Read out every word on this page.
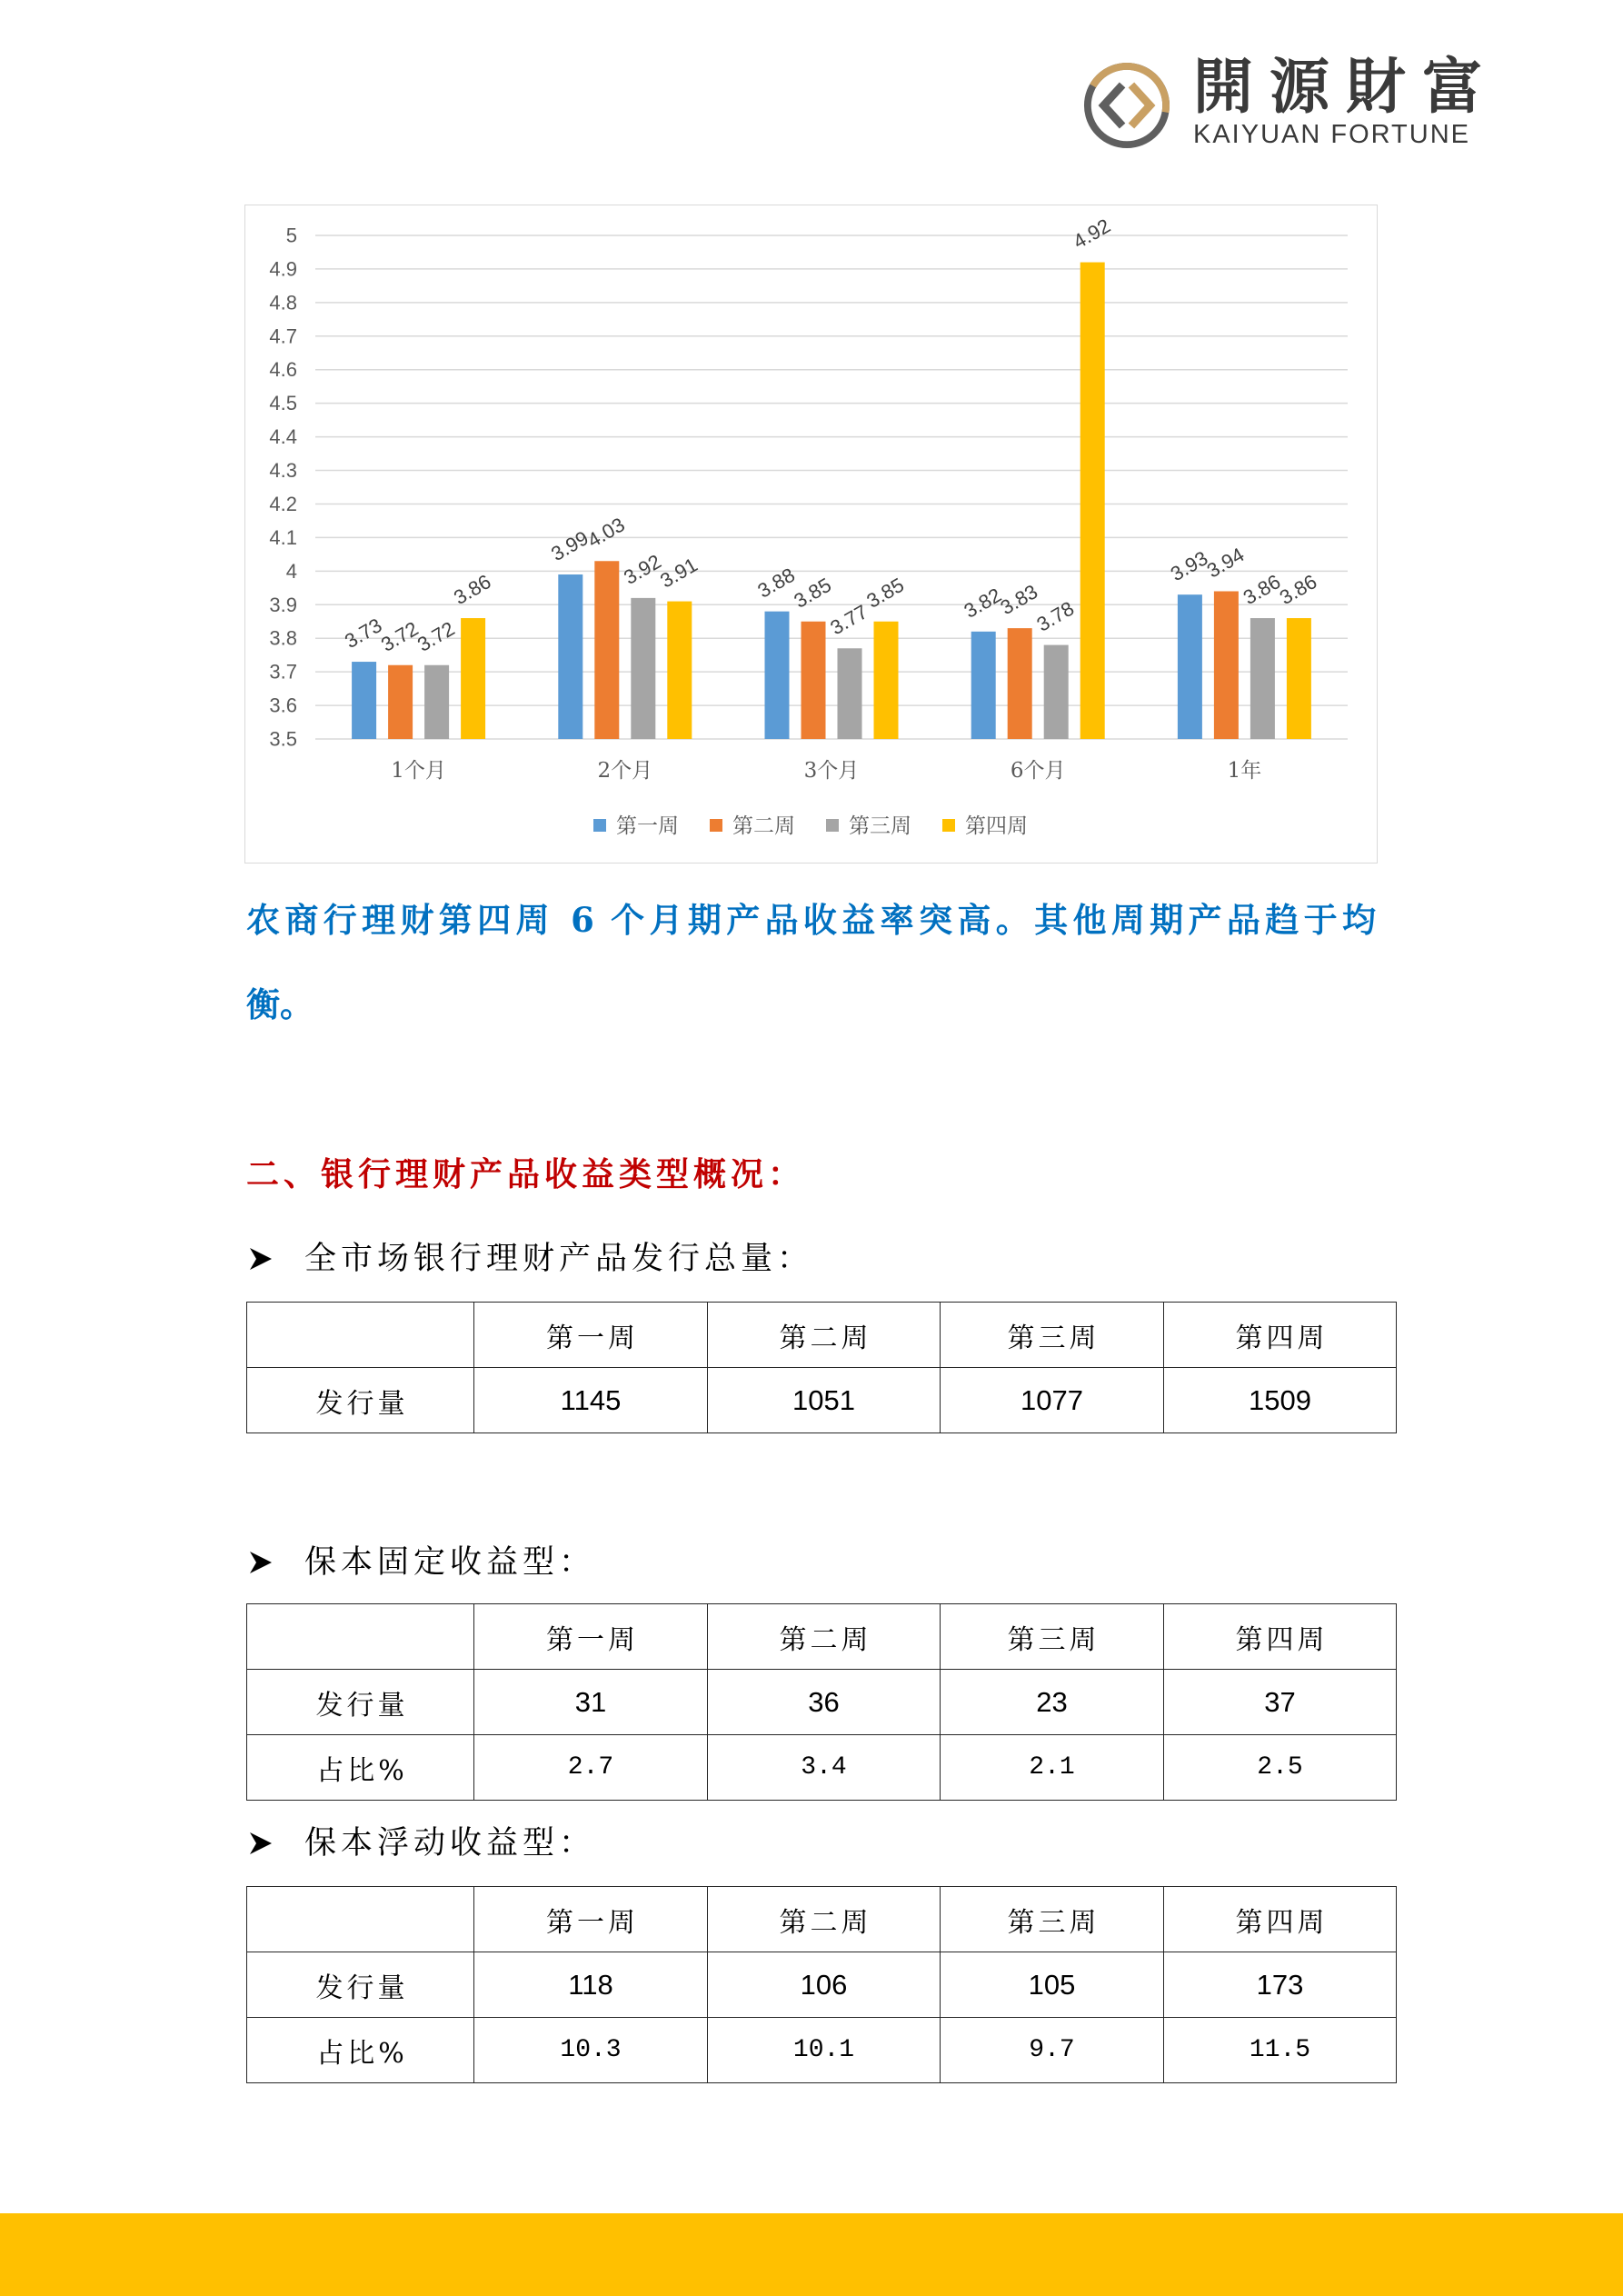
開源財富
KAIYUAN FORTUNE
3.5
3.6
3.7
3.8
3.9
4
4.1
4.2
4.3
4.4
4.5
4.6
4.7
4.8
4.9
5
3.73
3.72
3.72
3.86
3.99
4.03
3.92
3.91	3.88
3.85
3.77
3.85	3.82
3.83
3.78
4.92
3.93
3.94
3.86
3.86
1个月	2个月	3个月	6个月	1年
第一周	第二周	第三周	第四周
农商行理财第四周 6 个月期产品收益率突高。其他周期产品趋于均
衡。
二、银行理财产品收益类型概况：
全市场银行理财产品发行总量：
	第一周	第二周	第三周	第四周
发行量	1145	1051	1077	1509
保本固定收益型：
	第一周	第二周	第三周	第四周
发行量	31	36	23	37
占比%	2.7	3.4	2.1	2.5
保本浮动收益型：
	第一周	第二周	第三周	第四周
发行量	118	106	105	173
占比%	10.3	10.1	9.7	11.5
